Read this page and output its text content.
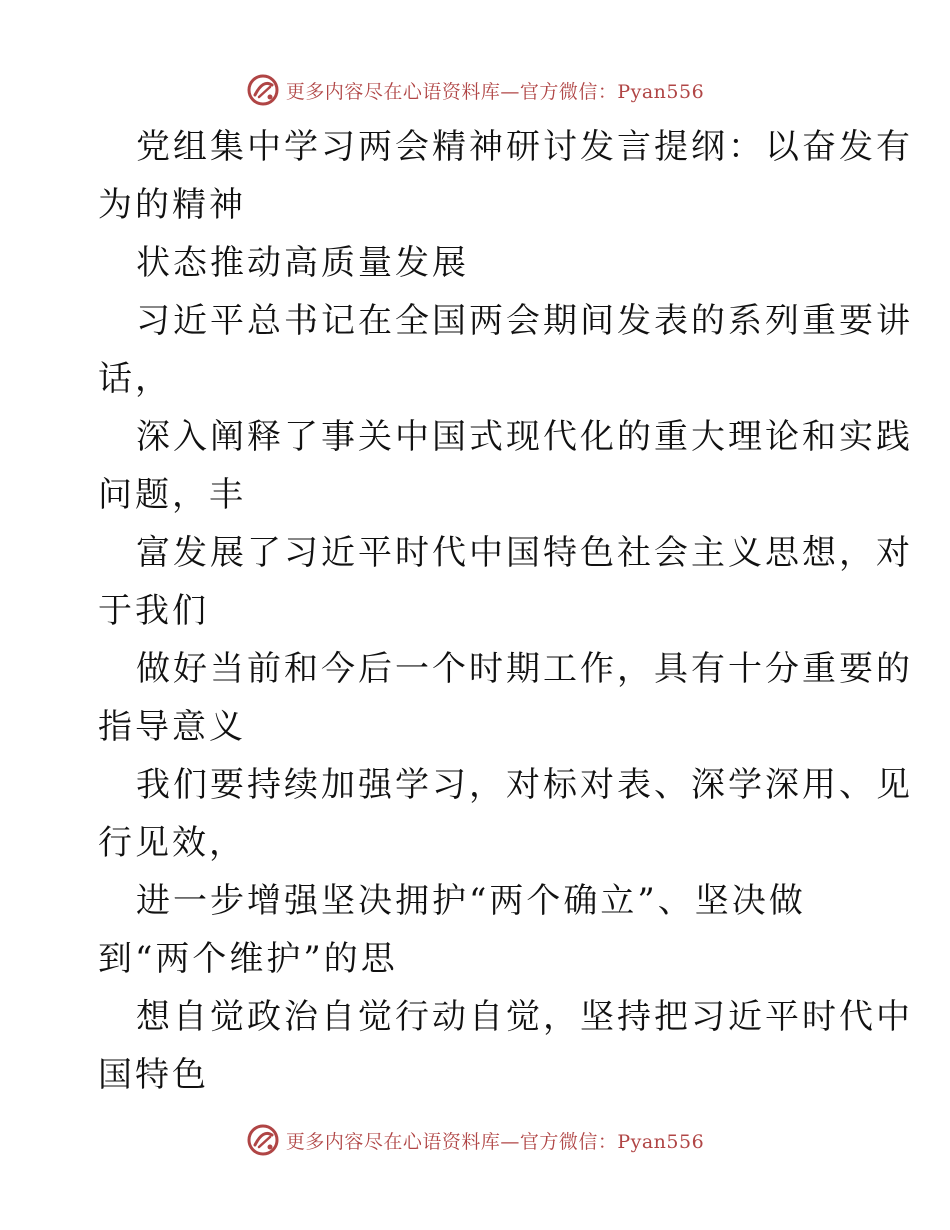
更多内容尽在心语资料库—官方微信：Pyan556
党组集中学习两会精神研讨发言提纲：以奋发有
为的精神
状态推动高质量发展
习近平总书记在全国两会期间发表的系列重要讲
话，
深入阐释了事关中国式现代化的重大理论和实践
问题，丰
富发展了习近平时代中国特色社会主义思想，对
于我们
做好当前和今后一个时期工作，具有十分重要的
指导意义
我们要持续加强学习，对标对表、深学深用、见
行见效，
进一步增强坚决拥护“两个确立”、坚决做
到“两个维护”的思
想自觉政治自觉行动自觉，坚持把习近平时代中
国特色
更多内容尽在心语资料库—官方微信：Pyan556
